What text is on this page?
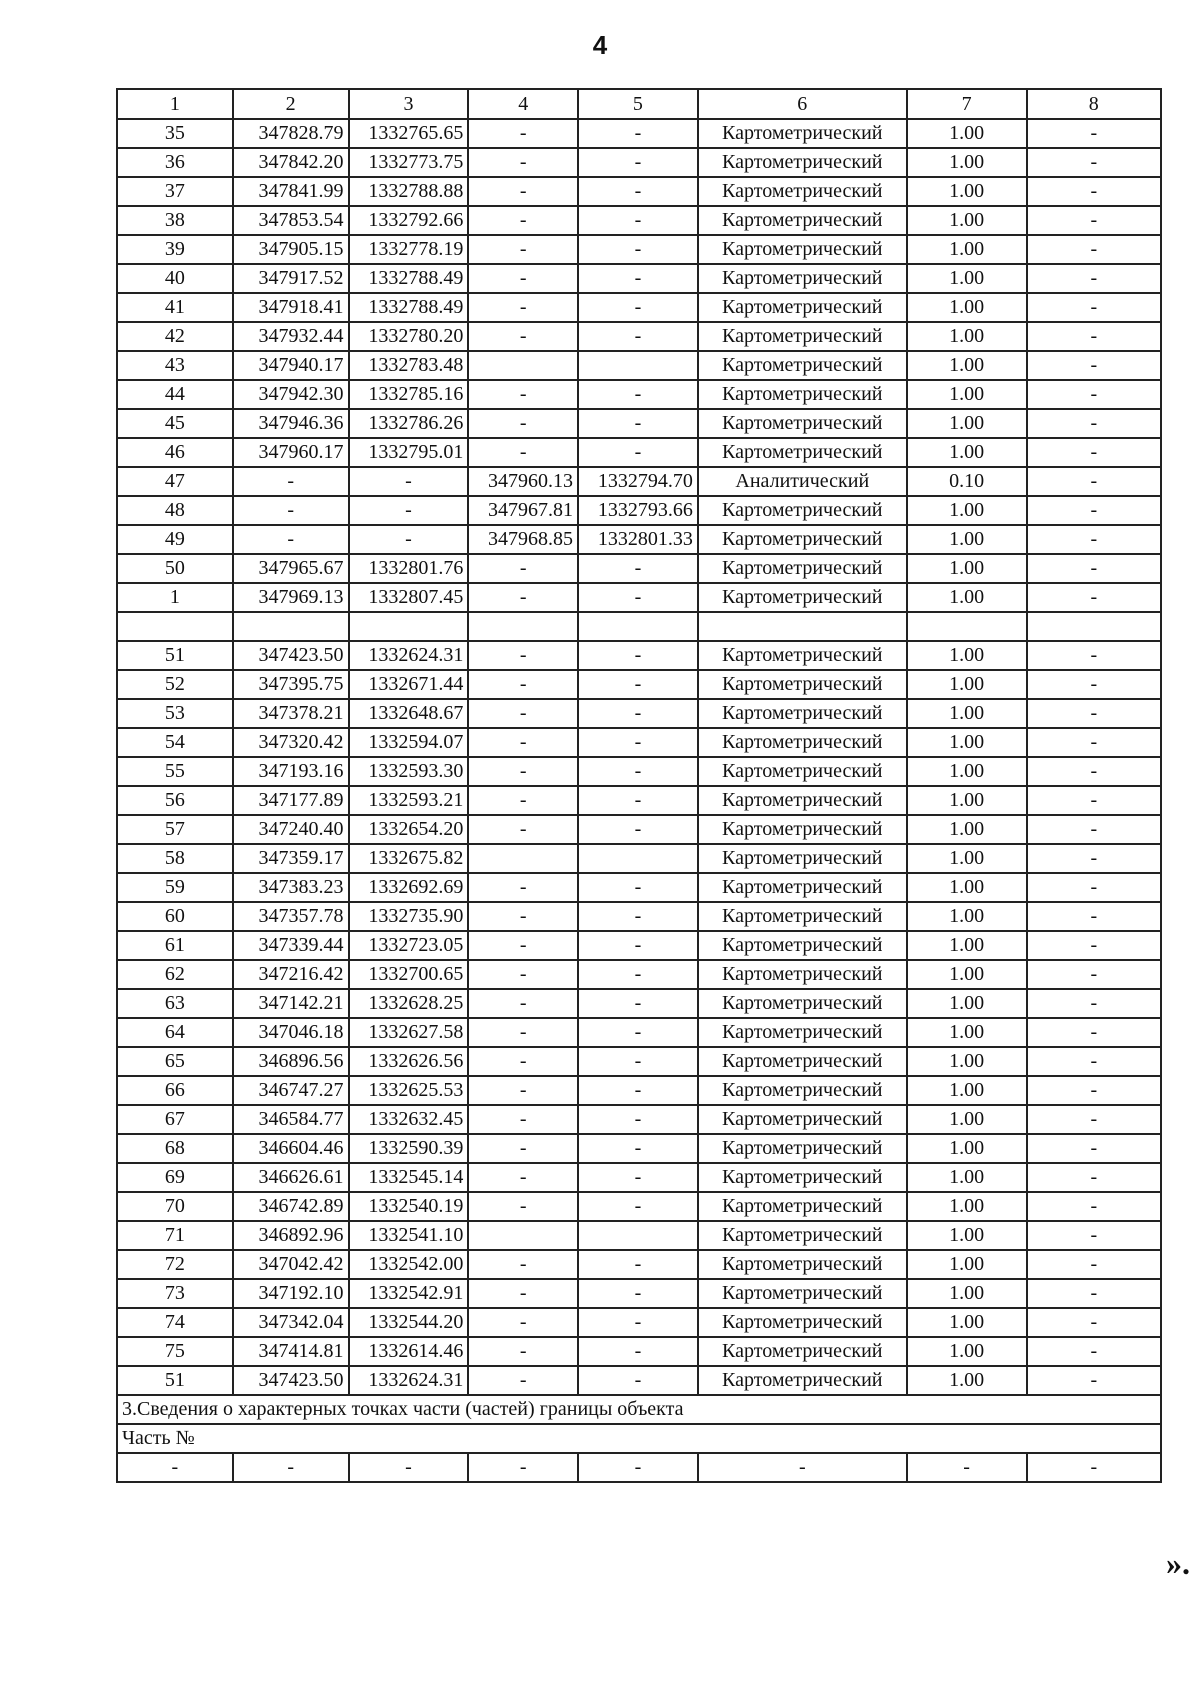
4
1	2	3	4	5	6	7	8
35	347828.79	1332765.65	-	-	Картометрический	1.00	-
36	347842.20	1332773.75	-	-	Картометрический	1.00	-
37	347841.99	1332788.88	-	-	Картометрический	1.00	-
38	347853.54	1332792.66	-	-	Картометрический	1.00	-
39	347905.15	1332778.19	-	-	Картометрический	1.00	-
40	347917.52	1332788.49	-	-	Картометрический	1.00	-
41	347918.41	1332788.49	-	-	Картометрический	1.00	-
42	347932.44	1332780.20	-	-	Картометрический	1.00	-
43	347940.17	1332783.48			Картометрический	1.00	-
44	347942.30	1332785.16	-	-	Картометрический	1.00	-
45	347946.36	1332786.26	-	-	Картометрический	1.00	-
46	347960.17	1332795.01	-	-	Картометрический	1.00	-
47	-	-	347960.13	1332794.70	Аналитический	0.10	-
48	-	-	347967.81	1332793.66	Картометрический	1.00	-
49	-	-	347968.85	1332801.33	Картометрический	1.00	-
50	347965.67	1332801.76	-	-	Картометрический	1.00	-
1	347969.13	1332807.45	-	-	Картометрический	1.00	-

51	347423.50	1332624.31	-	-	Картометрический	1.00	-
52	347395.75	1332671.44	-	-	Картометрический	1.00	-
53	347378.21	1332648.67	-	-	Картометрический	1.00	-
54	347320.42	1332594.07	-	-	Картометрический	1.00	-
55	347193.16	1332593.30	-	-	Картометрический	1.00	-
56	347177.89	1332593.21	-	-	Картометрический	1.00	-
57	347240.40	1332654.20	-	-	Картометрический	1.00	-
58	347359.17	1332675.82			Картометрический	1.00	-
59	347383.23	1332692.69	-	-	Картометрический	1.00	-
60	347357.78	1332735.90	-	-	Картометрический	1.00	-
61	347339.44	1332723.05	-	-	Картометрический	1.00	-
62	347216.42	1332700.65	-	-	Картометрический	1.00	-
63	347142.21	1332628.25	-	-	Картометрический	1.00	-
64	347046.18	1332627.58	-	-	Картометрический	1.00	-
65	346896.56	1332626.56	-	-	Картометрический	1.00	-
66	346747.27	1332625.53	-	-	Картометрический	1.00	-
67	346584.77	1332632.45	-	-	Картометрический	1.00	-
68	346604.46	1332590.39	-	-	Картометрический	1.00	-
69	346626.61	1332545.14	-	-	Картометрический	1.00	-
70	346742.89	1332540.19	-	-	Картометрический	1.00	-
71	346892.96	1332541.10			Картометрический	1.00	-
72	347042.42	1332542.00	-	-	Картометрический	1.00	-
73	347192.10	1332542.91	-	-	Картометрический	1.00	-
74	347342.04	1332544.20	-	-	Картометрический	1.00	-
75	347414.81	1332614.46	-	-	Картометрический	1.00	-
51	347423.50	1332624.31	-	-	Картометрический	1.00	-
3.Сведения о характерных точках части (частей) границы объекта							
Часть №							
-	-	-	-	-	-	-	-
».
